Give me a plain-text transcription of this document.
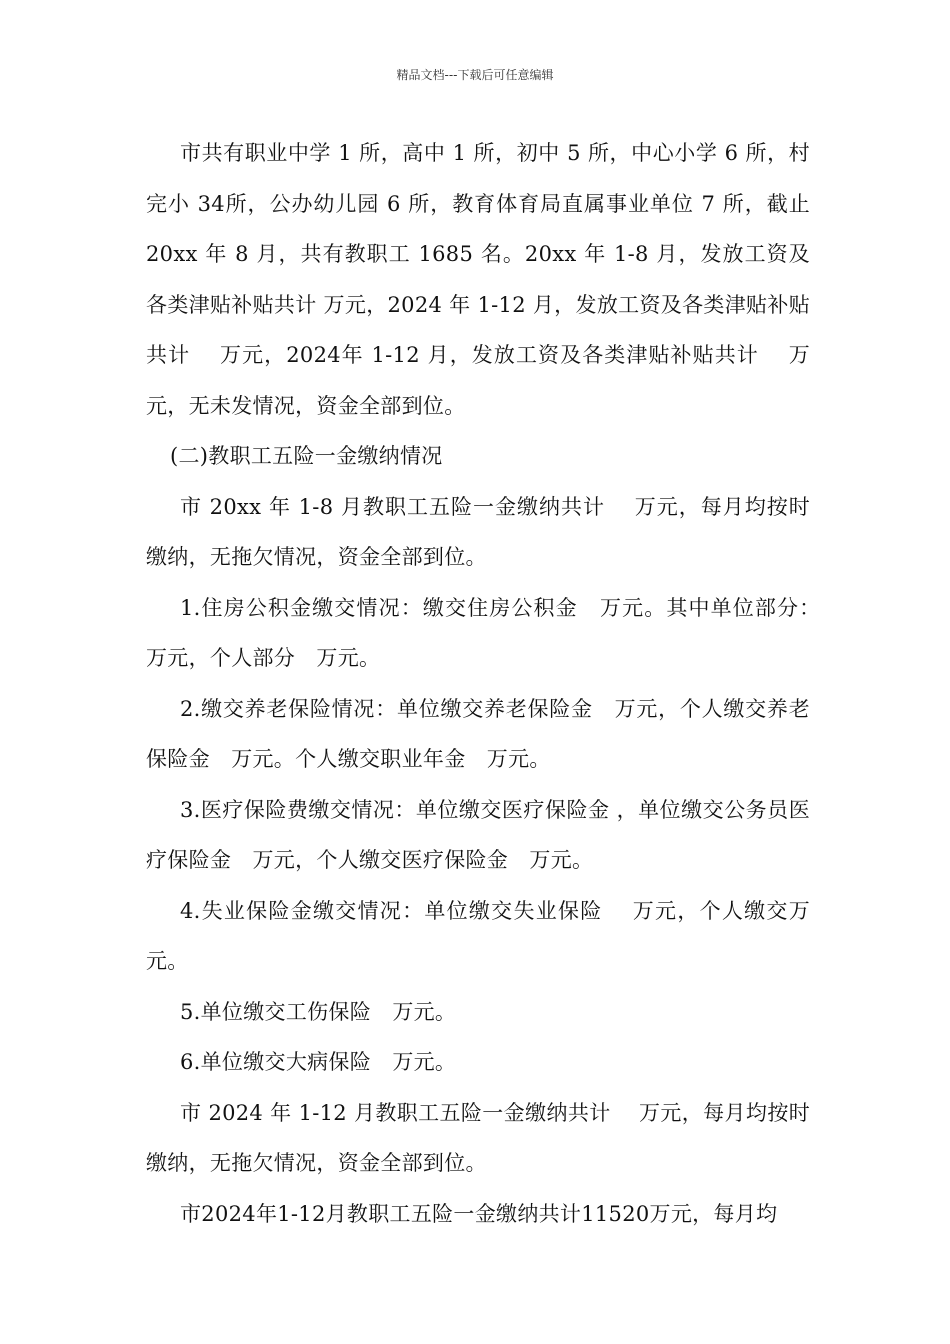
精品文档---下载后可任意编辑

市共有职业中学 1 所，高中 1 所，初中 5 所，中心小学 6 所，村完小 34所，公办幼儿园 6 所，教育体育局直属事业单位 7 所，截止 20xx 年 8 月，共有教职工 1685 名。20xx 年 1-8 月，发放工资及各类津贴补贴共计 万元，2024 年 1-12 月，发放工资及各类津贴补贴共计　 万元，2024年 1-12 月，发放工资及各类津贴补贴共计　 万元，无未发情况，资金全部到位。

(二)教职工五险一金缴纳情况

市 20xx 年 1-8 月教职工五险一金缴纳共计　 万元，每月均按时缴纳，无拖欠情况，资金全部到位。

1.住房公积金缴交情况：缴交住房公积金　万元。其中单位部分：　万元，个人部分　万元。

2.缴交养老保险情况：单位缴交养老保险金　万元，个人缴交养老保险金　万元。个人缴交职业年金　万元。

3.医疗保险费缴交情况：单位缴交医疗保险金 ，单位缴交公务员医疗保险金　万元，个人缴交医疗保险金　万元。

4.失业保险金缴交情况：单位缴交失业保险　 万元，个人缴交万元。

5.单位缴交工伤保险　万元。

6.单位缴交大病保险　万元。

市 2024 年 1-12 月教职工五险一金缴纳共计　 万元，每月均按时缴纳，无拖欠情况，资金全部到位。

市2024年1-12月教职工五险一金缴纳共计11520万元，每月均
